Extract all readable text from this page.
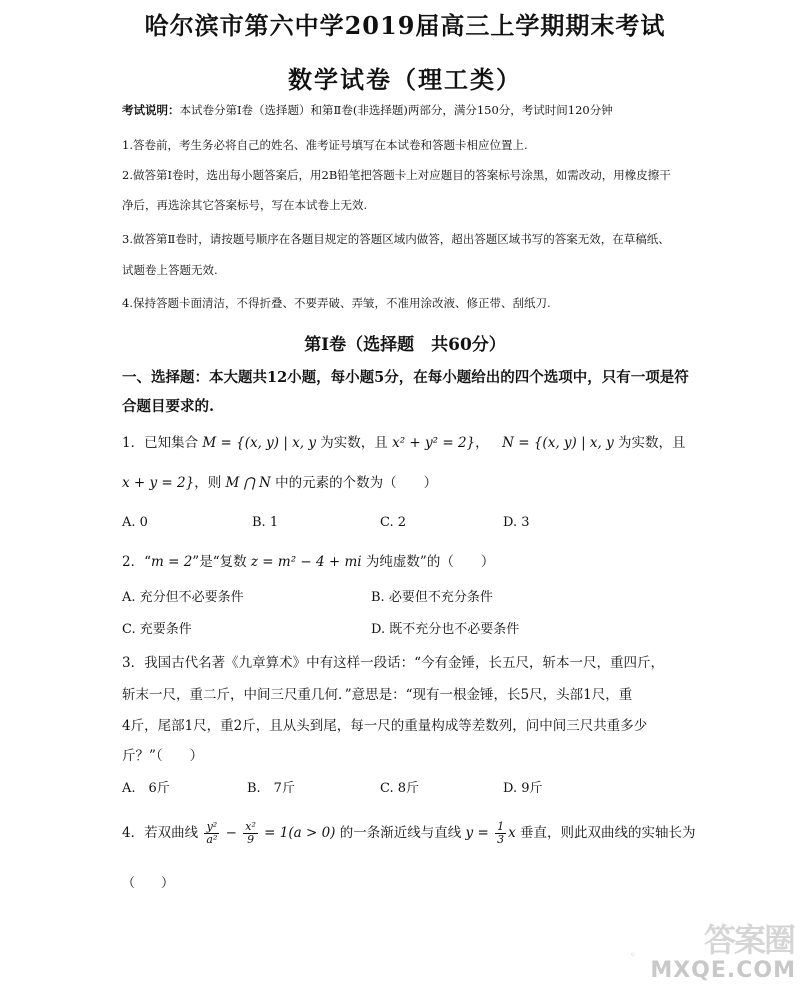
哈尔滨市第六中学2019届高三上学期期末考试
数学试卷（理工类）
考试说明：本试卷分第Ⅰ卷（选择题）和第Ⅱ卷(非选择题)两部分，满分150分，考试时间120分钟
1.答卷前，考生务必将自己的姓名、准考证号填写在本试卷和答题卡相应位置上.
2.做答第Ⅰ卷时，选出每小题答案后，用2B铅笔把答题卡上对应题目的答案标号涂黑，如需改动，用橡皮擦干
净后，再选涂其它答案标号，写在本试卷上无效.
3.做答第Ⅱ卷时，请按题号顺序在各题目规定的答题区域内做答，超出答题区域书写的答案无效，在草稿纸、
试题卷上答题无效.
4.保持答题卡面清洁，不得折叠、不要弄破、弄皱，不准用涂改液、修正带、刮纸刀.
第Ⅰ卷（选择题　共60分）
一、选择题：本大题共12小题，每小题5分，在每小题给出的四个选项中，只有一项是符
合题目要求的.
1．已知集合 M = {(x, y) | x, y 为实数，且 x² + y² = 2}，  N = {(x, y) | x, y 为实数，且
x + y = 2}，则 M ⋂ N 中的元素的个数为（　　）
A. 0	B. 1	C. 2	D. 3
2．“m = 2”是“复数 z = m² − 4 + mi 为纯虚数”的（　　）
A. 充分但不必要条件	B. 必要但不充分条件
C. 充要条件	D. 既不充分也不必要条件
3．我国古代名著《九章算术》中有这样一段话：“今有金锤，长五尺，斩本一尺，重四斤，
斩末一尺，重二斤，中间三尺重几何．”意思是：“现有一根金锤，长5尺，头部1尺，重
4斤，尾部1尺，重2斤，且从头到尾，每一尺的重量构成等差数列，问中间三尺共重多少
斤？”（　　）
A.　6斤	B.　7斤	C. 8斤	D. 9斤
4．若双曲线 $\frac{\text{y²}}{\text{a²}} - \frac{\text{x²}}{9} = 1(a > 0)$ 的一条渐近线与直线 $y = \frac{1}{3}$ x 垂直，则此双曲线的实轴长为
（　　）
◦ 答案圈
MXQE.COM
